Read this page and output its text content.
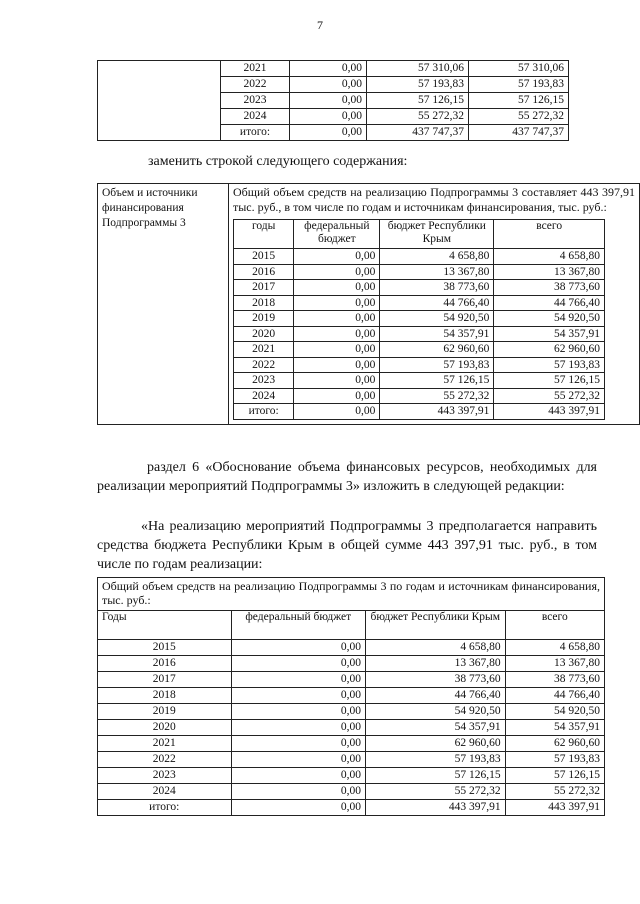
7
	2021	0,00	57 310,06	57 310,06
	2022	0,00	57 193,83	57 193,83
	2023	0,00	57 126,15	57 126,15
	2024	0,00	55 272,32	55 272,32
	итого:	0,00	437 747,37	437 747,37
заменить строкой следующего содержания:
Объем и источники финансирования Подпрограммы 3	
Общий объем средств на реализацию Подпрограммы 3 составляет 443 397,91 тыс. руб., в том числе по годам и источникам финансирования, тыс. руб.:
годы	федеральный бюджет	бюджет Республики Крым	всего
2015	0,00	4 658,80	4 658,80
2016	0,00	13 367,80	13 367,80
2017	0,00	38 773,60	38 773,60
2018	0,00	44 766,40	44 766,40
2019	0,00	54 920,50	54 920,50
2020	0,00	54 357,91	54 357,91
2021	0,00	62 960,60	62 960,60
2022	0,00	57 193,83	57 193,83
2023	0,00	57 126,15	57 126,15
2024	0,00	55 272,32	55 272,32
итого:	0,00	443 397,91	443 397,91
раздел 6 «Обоснование объема финансовых ресурсов, необходимых для реализации мероприятий Подпрограммы 3» изложить в следующей редакции:
«На реализацию мероприятий Подпрограммы 3 предполагается направить средства бюджета Республики Крым в общей сумме 443 397,91 тыс. руб., в том числе по годам реализации:
Общий объем средств на реализацию Подпрограммы 3 по годам и источникам финансирования, тыс. руб.:			
Годы	федеральный бюджет	бюджет Республики Крым	всего
2015	0,00	4 658,80	4 658,80
2016	0,00	13 367,80	13 367,80
2017	0,00	38 773,60	38 773,60
2018	0,00	44 766,40	44 766,40
2019	0,00	54 920,50	54 920,50
2020	0,00	54 357,91	54 357,91
2021	0,00	62 960,60	62 960,60
2022	0,00	57 193,83	57 193,83
2023	0,00	57 126,15	57 126,15
2024	0,00	55 272,32	55 272,32
итого:	0,00	443 397,91	443 397,91
